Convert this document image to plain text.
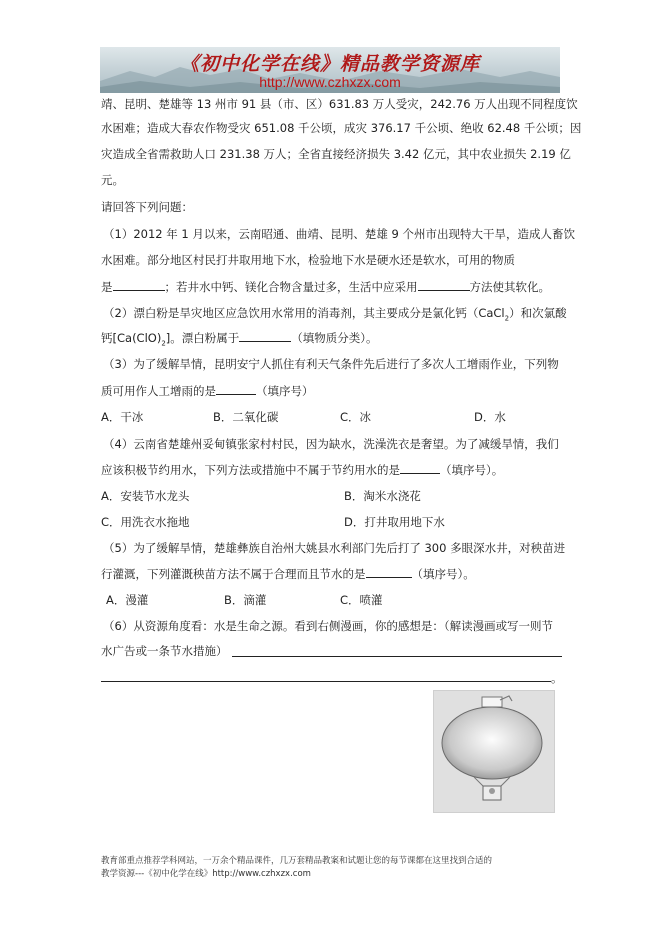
《初中化学在线》精品教学资源库
http://www.czhxzx.com
靖、昆明、楚雄等 13 州市 91 县（市、区）631.83 万人受灾，242.76 万人出现不同程度饮
水困难；造成大春农作物受灾 651.08 千公顷，成灾 376.17 千公顷、绝收 62.48 千公顷；因
灾造成全省需救助人口 231.38 万人；全省直接经济损失 3.42 亿元，其中农业损失 2.19 亿
元。
请回答下列问题：
（1）2012 年 1 月以来，云南昭通、曲靖、昆明、楚雄 9 个州市出现特大干旱，造成人畜饮
水困难。部分地区村民打井取用地下水，检验地下水是硬水还是软水，可用的物质
是	；若井水中钙、镁化合物含量过多，生活中应采用	方法使其软化。
（2）漂白粉是旱灾地区应急饮用水常用的消毒剂，其主要成分是氯化钙（CaCl$_2$）和次氯酸
钙$[Ca(ClO)_2]$。漂白粉属于	（填物质分类）。
（3）为了缓解旱情，昆明安宁人抓住有利天气条件先后进行了多次人工增雨作业，下列物
质可用作人工增雨的是	（填序号）
A．干冰	B．二氧化碳	C．冰	D．水
（4）云南省楚雄州妥甸镇张家村村民，因为缺水，洗澡洗衣是奢望。为了减缓旱情，我们
应该积极节约用水，下列方法或措施中不属于节约用水的是	（填序号）。
A．安装节水龙头	B．淘米水浇花
C．用洗衣水拖地	D．打井取用地下水
（5）为了缓解旱情，楚雄彝族自治州大姚县水利部门先后打了 300 多眼深水井，对秧苗进
行灌溉，下列灌溉秧苗方法不属于合理而且节水的是	（填序号）。
A．漫灌	B．滴灌	C．喷灌
（6）从资源角度看：水是生命之源。看到右侧漫画，你的感想是：（解读漫画或写一则节
水广告或一条节水措施）
。
教育部重点推荐学科网站，一万余个精品课件，几万套精品教案和试题让您的每节课都在这里找到合适的
教学资源---《初中化学在线》http://www.czhxzx.com
